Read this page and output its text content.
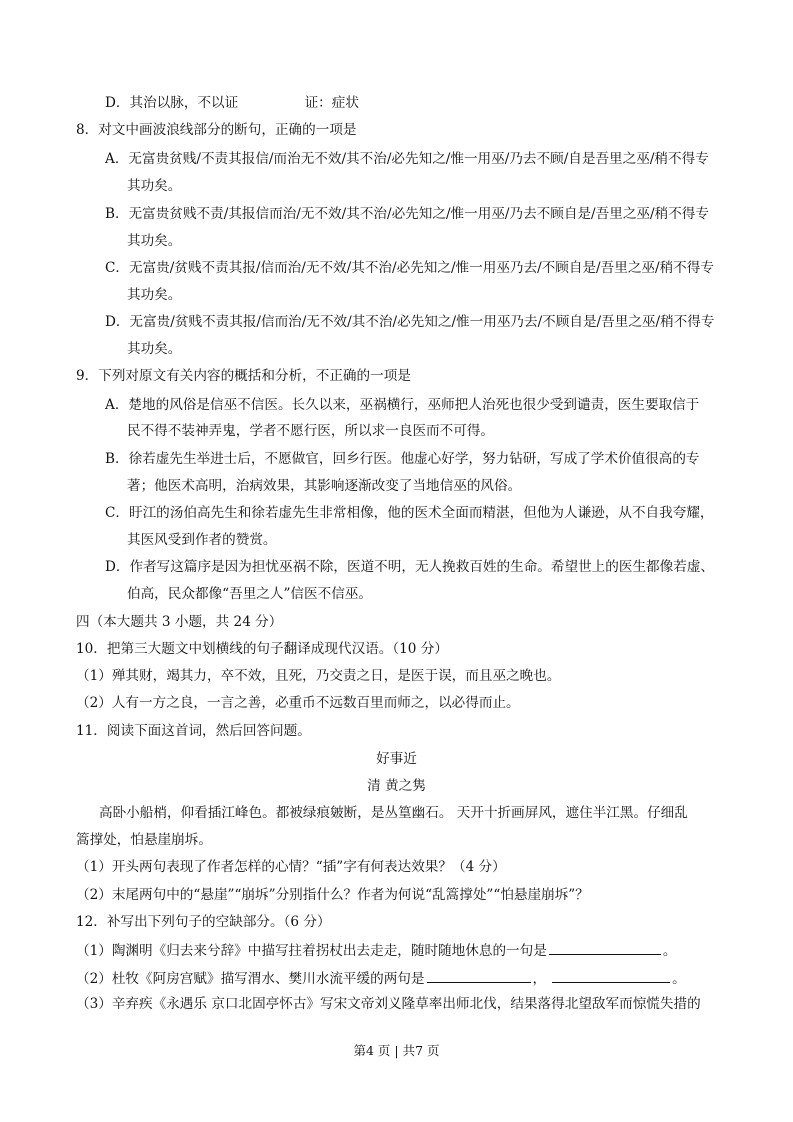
D．其治以脉，不以证	证：症状
8．对文中画波浪线部分的断句，正确的一项是
A．无富贵贫贱/不责其报信/而治无不效/其不治/必先知之/惟一用巫/乃去不顾/自是吾里之巫/稍不得专
其功矣。
B．无富贵贫贱不责/其报信而治/无不效/其不治/必先知之/惟一用巫/乃去不顾自是/吾里之巫/稍不得专
其功矣。
C．无富贵/贫贱不责其报/信而治/无不效/其不治/必先知之/惟一用巫乃去/不顾自是/吾里之巫/稍不得专
其功矣。
D．无富贵/贫贱不责其报/信而治/无不效/其不治/必先知之/惟一用巫乃去/不顾自是/吾里之巫/稍不得专
其功矣。
9．下列对原文有关内容的概括和分析，不正确的一项是
A．楚地的风俗是信巫不信医。长久以来，巫祸横行，巫师把人治死也很少受到谴责，医生要取信于
民不得不装神弄鬼，学者不愿行医，所以求一良医而不可得。
B．徐若虚先生举进士后，不愿做官，回乡行医。他虚心好学，努力钻研，写成了学术价值很高的专
著；他医术高明，治病效果，其影响逐渐改变了当地信巫的风俗。
C．盱江的汤伯高先生和徐若虚先生非常相像，他的医术全面而精湛，但他为人谦逊，从不自我夸耀，
其医风受到作者的赞赏。
D．作者写这篇序是因为担忧巫祸不除，医道不明，无人挽救百姓的生命。希望世上的医生都像若虚、
伯高，民众都像“吾里之人”信医不信巫。
四（本大题共 3 小题，共 24 分）
10．把第三大题文中划横线的句子翻译成现代汉语。（10 分）
（1）殚其财，竭其力，卒不效，且死，乃交责之日，是医于误，而且巫之晚也。
（2）人有一方之良，一言之善，必重币不远数百里而师之，以必得而止。
11．阅读下面这首词，然后回答问题。
好事近
清 黄之隽
高卧小船梢，仰看插江峰色。都被绿痕皴断，是丛篁幽石。 天开十折画屏风，遮住半江黑。仔细乱
篙撑处，怕悬崖崩坼。
（1）开头两句表现了作者怎样的心情？“插”字有何表达效果？（4 分）
（2）末尾两句中的“悬崖”“崩坼”分别指什么？作者为何说“乱篙撑处”“怕悬崖崩坼”？
12．补写出下列句子的空缺部分。（6 分）
（1）陶渊明《归去来兮辞》中描写拄着拐杖出去走走，随时随地休息的一句是	。
（2）杜牧《阿房宫赋》描写渭水、樊川水流平缓的两句是	，	。
（3）辛弃疾《永遇乐 京口北固亭怀古》写宋文帝刘义隆草率出师北伐，结果落得北望敌军而惊慌失措的
第4 页 | 共7 页
